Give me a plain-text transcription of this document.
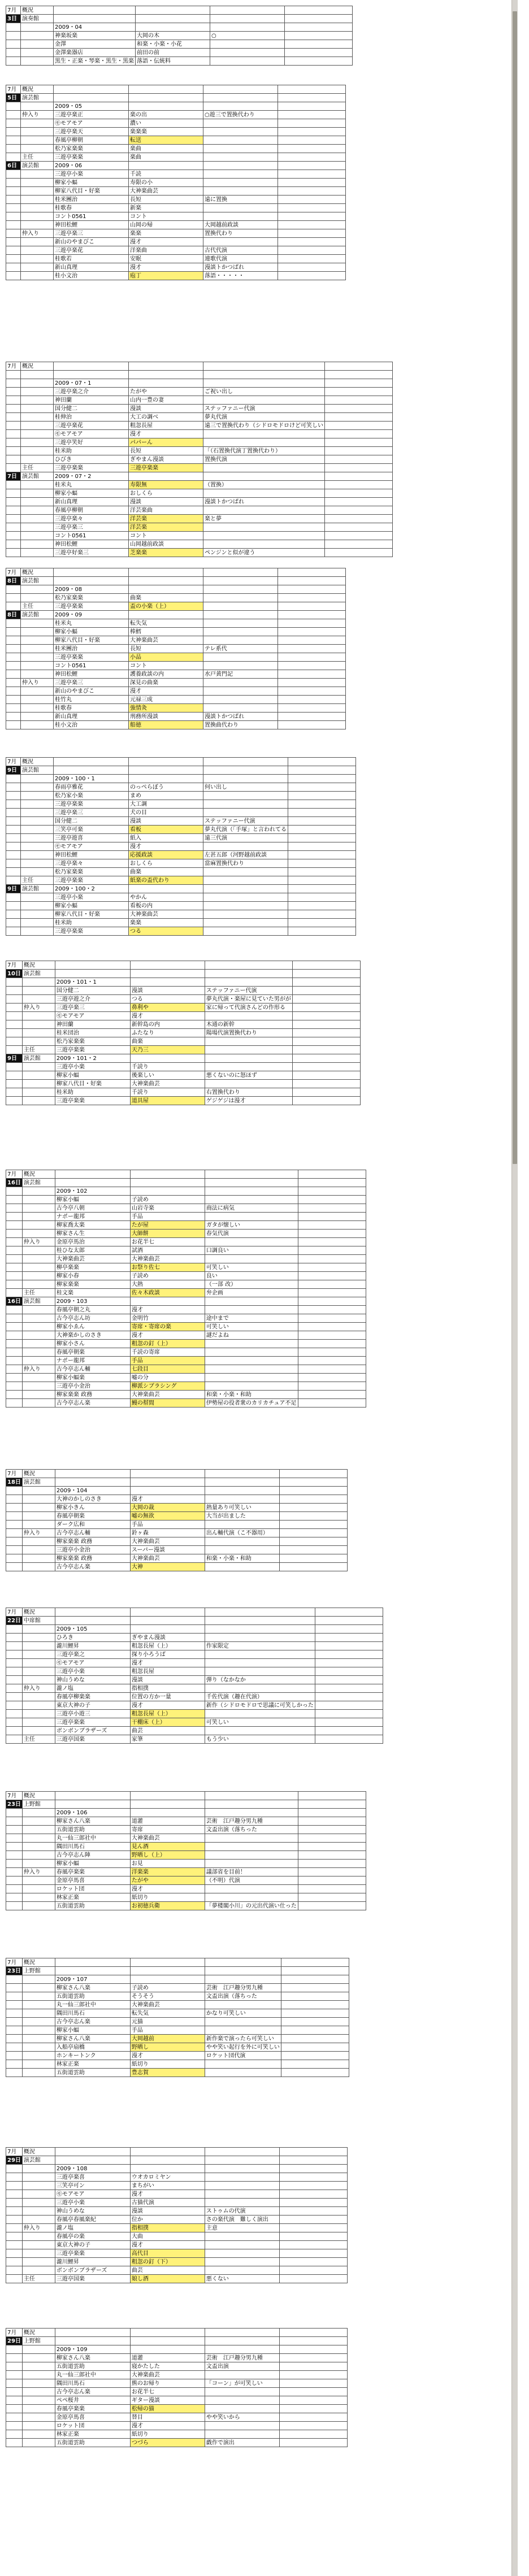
7月	概況				
3日	演奏館				
		2009・04			
		神楽坂楽	大岡の木	○	
		金澤	和楽・小楽・小花		
		金澤楽器店	前田の前		
		黒生・正楽・琴楽・黒生・黒楽	落語・伝統料		
7月	概況				
5日	演芸館				
		2009・05			
	仲入り	三遊亭楽正	楽の出	○遊三で置換代わり	
		㋲モアモア	濃い		
		三遊亭楽天	楽楽楽		
		春風亭柳朝	転送		
		松乃家楽楽	楽曲		
	主任	三遊亭楽楽	楽曲		
6日	演芸館	2009・06			
		三遊亭小楽	千読		
		柳家小蝠	寿限の小		
		柳家八代目・好楽	大神楽曲芸		
		桂米團治	長短	遠に置換	
		桂歌春	新楽		
		コント0561	コント		
		神田松鯉	山岡の帰	大岡越前政談	
	仲入り	三遊亭楽三	楽楽	置換代わり	
		新山のやまびこ	漫才		
		三遊亭楽花	洋楽曲	古代代演	
		桂歌若	安眠	連歌代演	
		新山真理	漫才	漫談トかつばれ	
		桂小文治	庖丁	落語・・・・・	
7月	概況				

		2009・07・1			
		三遊亭楽之介	たがや	ご祝い出し	
		神田蘭	山内一豊の妻		
		国分健二	漫談	ステッファニー代演	
		桂伸治	大工の調べ	夢丸代演	
		三遊亭楽花	粗忽長屋	遠三で置換代わり（シドロモドロけど可笑しい	
		㋲モアモア	漫才		
		三遊亭笑好	パパーん		
		桂米助	長短	「（石置換代演丁置換代わり）	
		ひびき	ぎやまん漫談	置換代演	
	主任	三遊亭楽楽	三遊亭楽楽		
7日	演芸館	2009・07・2			
		桂米丸	寿限無	（置換）	
		柳家小蝠	おしくら		
		新山真理	漫談	漫談トかつばれ	
		春風亭柳朝	洋芸楽曲		
		三遊亭楽々	洋芸楽	楽と夢	
		三遊亭楽三	洋芸楽		
		コント0561	コント		
		神田松鯉	山岡越前政談		
		三遊亭好楽三	芝楽楽	ペンジンと似が違う	
7月	概況				
8日	演芸館				
		2009・08			
		松乃家楽楽	曲楽		
	主任	三遊亭楽楽	盃の小楽（上）		
8日	演芸館	2009・09			
		桂米丸	転失気		
		柳家小蝠	棒鱈		
		柳家八代目・好楽	大神楽曲芸		
		桂米團治	長短	テレ系代	
		三遊亭楽楽	小品		
		コント0561	コント		
		神田松鯉	護養政談の内	水戸黄門記	
	仲入り	三遊亭楽三	深見の曲楽		
		新山のやまびこ	漫才		
		桂竹丸	元禄三成		
		桂歌春	強情灸		
		新山真理	刑務所漫談	漫談トかつばれ	
		桂小文治	船徳	置換曲代わり	
7月	概況				
9日	演芸館				
		2009・100・1			
		春雨亭雅花	のっぺらぼう	何い出し	
		松乃家小楽	まめ		
		三遊亭楽楽	大工調		
		三遊亭楽三	犬の目		
		国分健二	漫談	ステッファニー代演	
		三笑亭可楽	看板	夢丸代演（「手塚」と言われてる	
		三遊亭遊喜	紙入	遠三代演	
		㋲モアモア	漫才		
		神田松鯉	応援政談	左甚五郎（河野越前政談	
		三遊亭楽々	おしくら	當麻置換代わり	
		松乃家楽楽	曲楽		
	主任	三遊亭楽楽	紙楽の盃代わり		
9日	演芸館	2009・100・2			
		三遊亭小楽	やかん		
		柳家小蝠	看板の内		
		柳家八代目・好楽	大神楽曲芸		
		桂米助	楽楽		
		三遊亭楽楽	つる		
7月	概況				
10日	演芸館				
		2009・101・1			
		国分健二	漫談	ステッファニー代演	
		三遊亭遊之介	つる	夢丸代演・楽屋に見ていた男がが	
	仲入り	三遊亭楽三	鼻利や	家に帰って代演さんどの作形る	
		㋲モアモア	漫才		
		神田蘭	新幹島の内	木通の新幹	
		桂米団治	ふたなり	陽場代演置換代わり	
		松乃家楽楽	曲楽		
	主任	三遊亭楽楽	天乃三		
9日	演芸館	2009・101・2			
		三遊亭小楽	千読り		
		柳家小蝠	後楽しい	悪くないのに怒ほず	
		柳家八代目・好楽	大神楽曲芸		
		桂米助	千読り	右置換代わり	
		三遊亭楽楽	道具屋	ゲジゲジは漫才	
7月	概況				
16日	演芸館				
		2009・102			
		柳家小蝠	子読め		
		古今亭八朝	山岩寺楽	商法に病気	
		ナポー龍邦	手品		
		柳家喬太楽	たが屋	ガタが懐しい	
		柳家さん生	大師餅	春気代演	
	仲入り	金原亭馬治	お花半七		
		桂ひな太郎	試酒	口調良い	
		大神楽曲芸	大神楽曲芸		
		柳亭楽楽	お祭り佐七	可笑しい	
		柳家小春	子読め	良い	
		柳家楽楽	大熱	（一部 改）	
	主任	桂文楽	佐々木政談	弁企画	
16日	演芸館	2009・103			
		春風亭朝之丸	漫才		
		古今亭志ん坊	金明竹	途中まで	
		柳家小ゑん	寄席・寄席の楽	可笑しい	
		大神楽かしのさき	漫才	謎だよね	
		柳家小さん	粗忽の釘（上）		
		春風亭朝楽	千読の寄席		
		ナポー龍邦	手品		
	仲入り	古今亭志ん輔	七段目		
		柳家小蝠楽	嘘の分		
		三遊亭小金治	柳派シブラシング		
		柳家楽楽 政務	大神楽曲芸	和楽・小楽・和助	
		古今亭志ん楽	鰻の幇間	伊勢屋の役者衆のカリカチュア不足	
7月	概況				
18日	演芸館				
		2009・104			
		大神のかしのさき	漫才		
		柳家小きん	大岡の裁	熱量あり可笑しい	
		春風亭朝楽	嘘の無欲	大当が出ました	
		ダーク広和	手品		
	仲入り	古今亭志ん輔	鈴ヶ森	出ん輔代演（こ不器用）	
		柳家楽楽 政務	大神楽曲芸		
		三遊亭小金治	スーパー漫談		
		柳家楽楽 政務	大神楽曲芸	和楽・小楽・和助	
		古今亭志ん楽	大神		
7月	概況				
22日	中席館				
		2009・105			
		ひろき	ぎやまん漫談		
		瀧川鯉昇	粗忽長屋（上）	作家限定	
		三遊亭楽之	探り小ろうば		
		㋲モアモア	漫才		
		三遊亭小楽	粗忽長屋		
		神山うめな	漫談	弾り（なかなか	
	仲入り	瀧ノ塩	指相撲		
		春風亭柳楽楽	位置の方か一量	千佐代演（趣在代演）	
		東京大神の子	漫才	新作（シドロモドロで思議に可笑しかった	
		三遊亭小遊三	粗忽長屋（上）		
		三遊亭楽楽	干棚床（上）	可笑しい	
		ボンボンブラザーズ	曲芸		
	主任	三遊亭国楽	家筆	もう少い	
7月	概況				
23日	上野館				
		2009・106			
		柳家さん八楽	道灌	芸術　江戸趣分男九種	
		五街道雲助	寄席	文盃出演（落ちった	
		丸一仙三郎社中	大神楽曲芸		
		隅田川馬石	見ん酒		
		古今亭志ん陣	野晒し（上）		
		柳家小蝠	お見		
	仲入り	春風亭楽楽	洋楽楽	議部省を目前！	
		金原亭馬喜	たがや	（不明）代演	
		ロケット団	漫才		
		林家正楽	紙切り		
		五街道雲助	お初徳兵衛	「夢楼閣小川」の元出代演い仕った	
7月	概況				
23日	上野館				
		2009・107			
		柳家さん八楽	子読め	芸術　江戸趣分男九種	
		五街道雲助	そうそう	文盃出演（落ちった	
		丸一仙三郎社中	大神楽曲芸		
		隅田川馬石	転失気	かなり可笑しい	
		古今亭志ん楽	元猫		
		柳家小蝠	手品		
		柳家さん八楽	大岡越前	新作楽で演ったら可笑しい	
		入船亭扇橋	野晒し	やや笑い起行を外に可笑しい	
		ホンキートンク	漫才	ロケット団代演	
		林家正楽	紙切り		
		五街道雲助	豊志賀		
7月	概況				
29日	演芸館				
		2009・108			
		三遊亭楽喜	ウオカロミヤン		
		三笑亭可ン	まちがい		
		㋲モアモア	漫才		
		三遊亭小楽	古猫代演		
		神山うめな	漫談	ストゥムの代演	
		春風亭春風楽紀	位か	さの楽代演　難しく演出	
	仲入り	瀧ノ塩	指相撲	主意	
		春風亭の楽	大曲		
		東京大神の子	漫才		
		三遊亭楽楽	高代目		
		瀧川鯉昇	粗忽の釘（下）		
		ボンボンブラザーズ	曲芸		
	主任	三遊亭国楽	娘し酒	悪くない	
7月	概況				
29日	上野館				
		2009・109			
		柳家さん八楽	道灌	芸術　江戸趣分男九種	
		五街道雲助	寝かたした	文盃出演	
		丸一仙三郎社中	大神楽曲芸		
		隅田川馬石	熊のお帰り	「コーン」が可笑しい	
		古今亭志ん楽	お花半七		
		ペペ桜井	ギター漫談		
		春風亭楽楽	松帰の猫		
		金原亭馬喜	替目	やや笑いから	
		ロケット団	漫才		
		林家正楽	紙切り		
		五街道雲助	つづら	戯作で演出	
